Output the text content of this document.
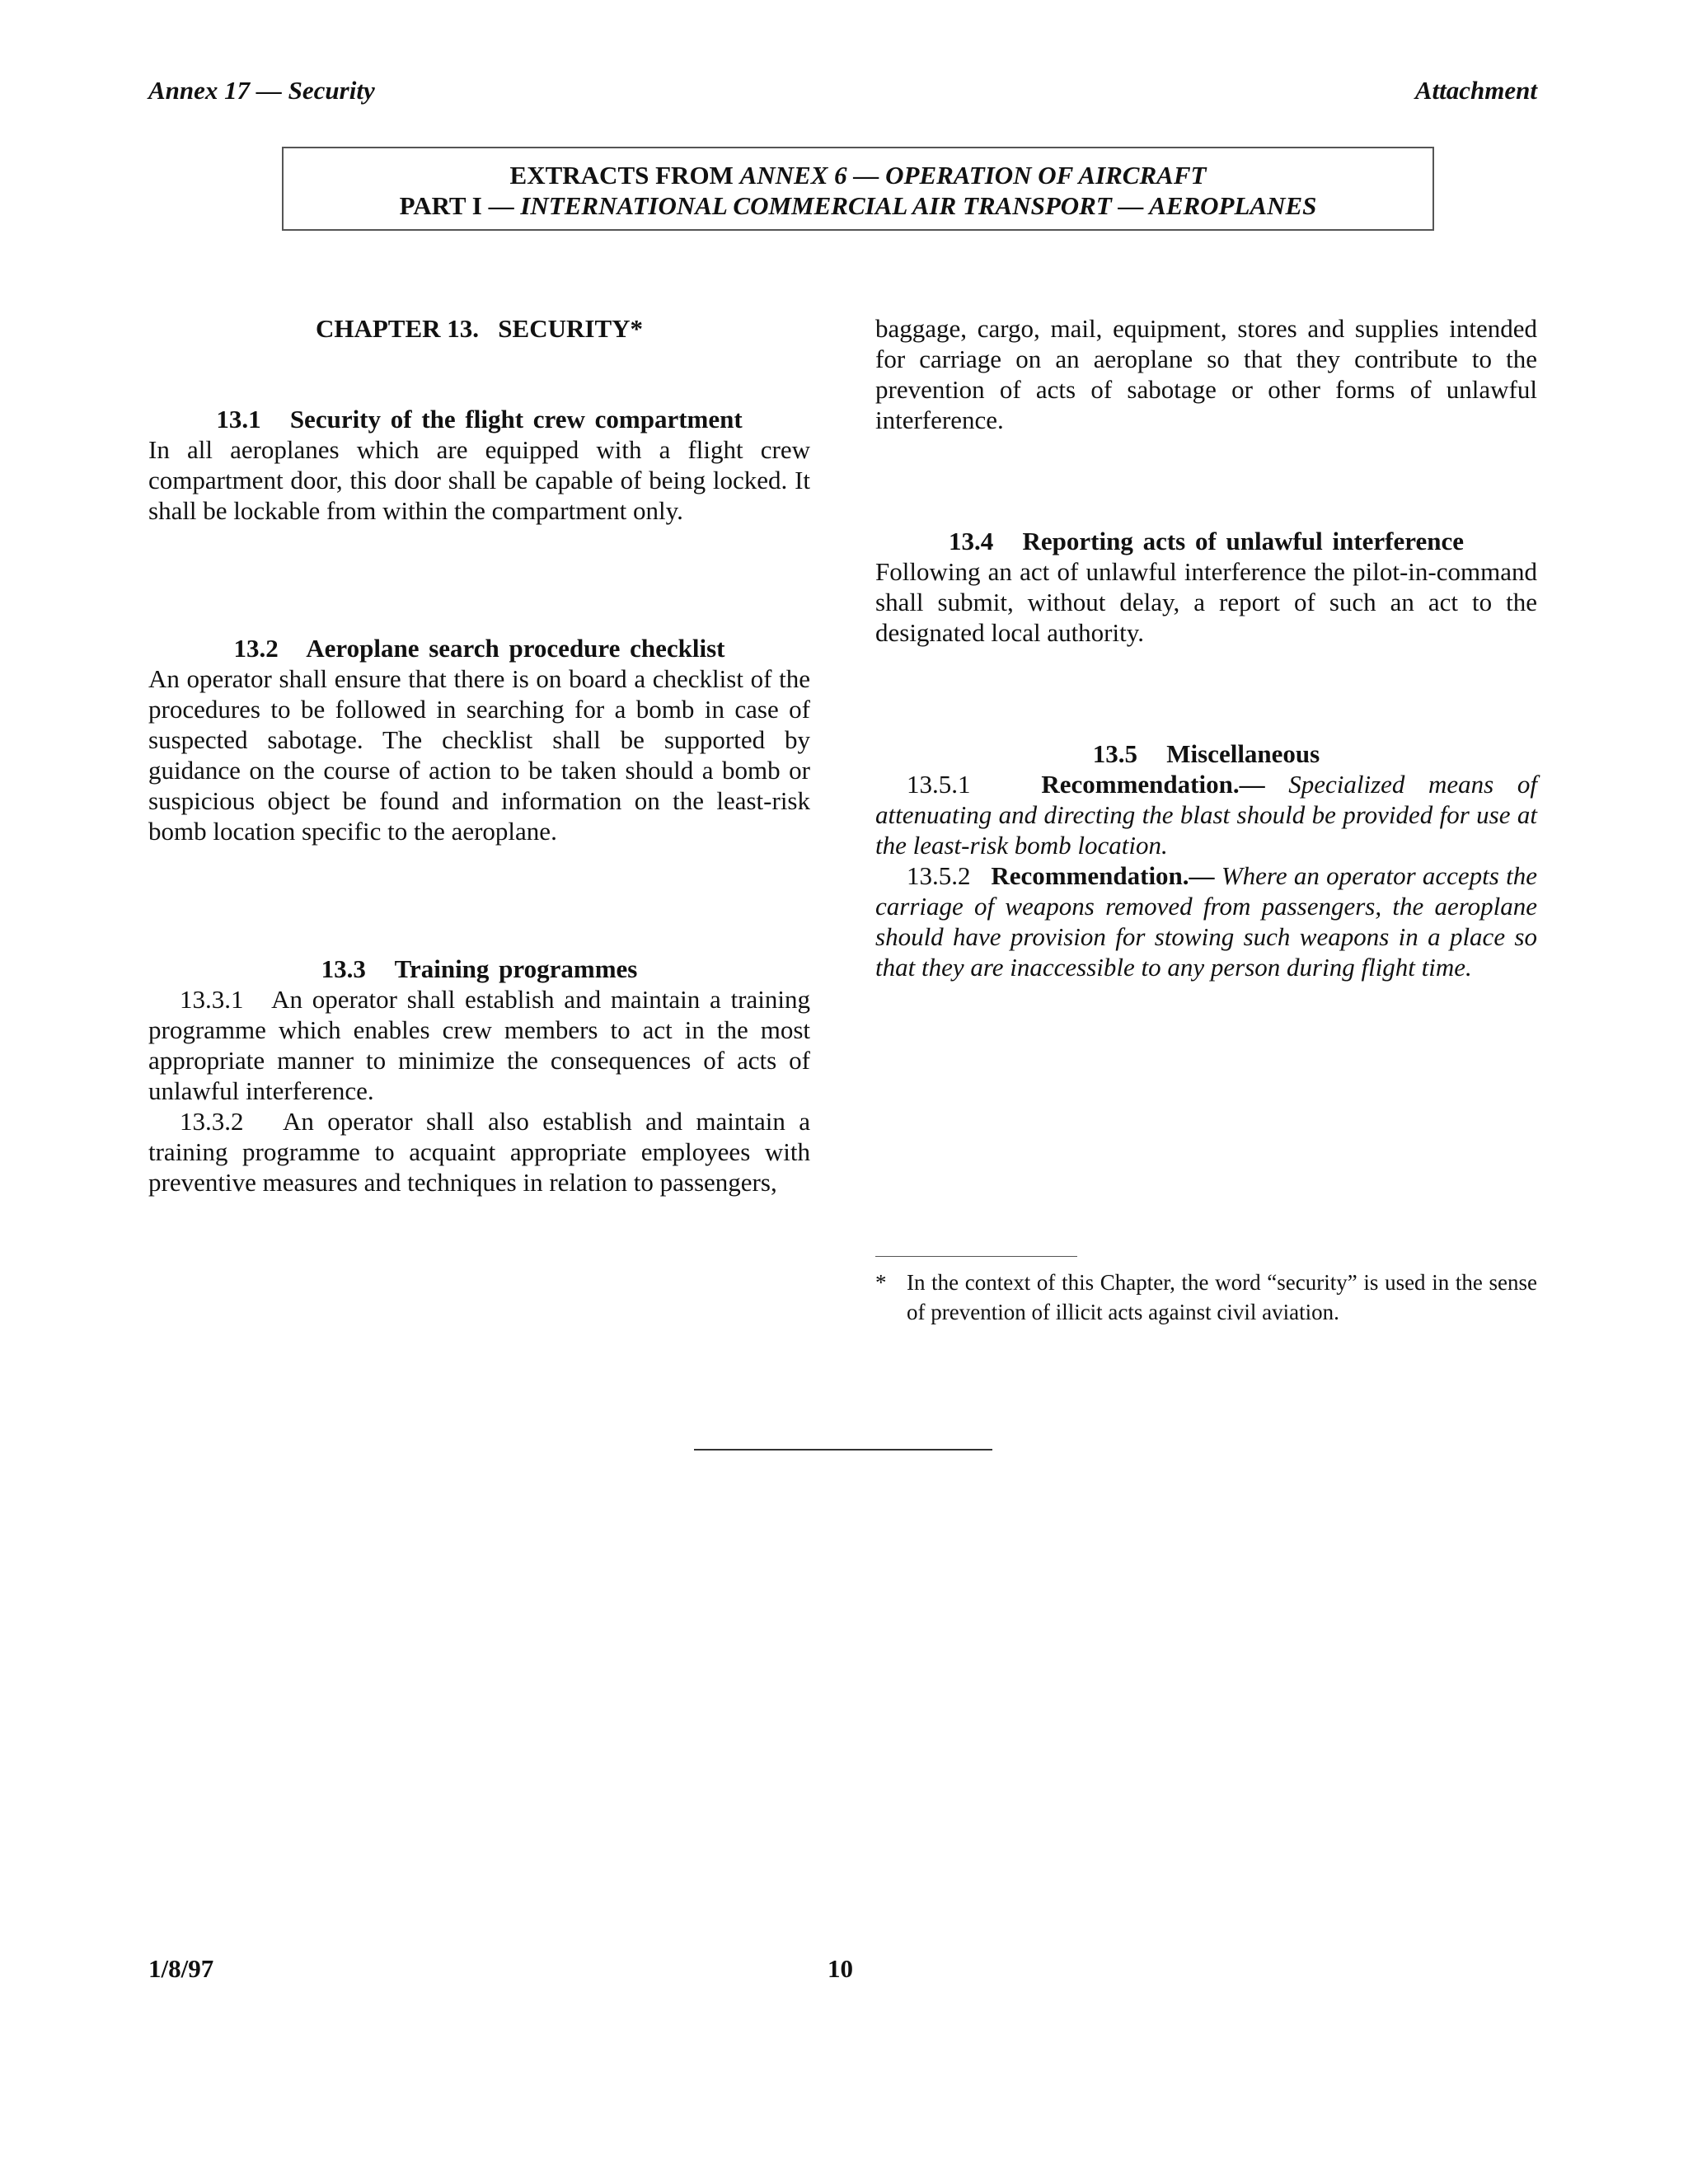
Annex 17 — Security	Attachment
EXTRACTS FROM ANNEX 6 — OPERATION OF AIRCRAFT
PART I — INTERNATIONAL COMMERCIAL AIR TRANSPORT — AEROPLANES

CHAPTER 13.   SECURITY*

13.1   Security of the flight crew compartment

In all aeroplanes which are equipped with a flight crew compartment door, this door shall be capable of being locked. It shall be lockable from within the compartment only.

13.2   Aeroplane search procedure checklist

An operator shall ensure that there is on board a checklist of the procedures to be followed in searching for a bomb in case of suspected sabotage. The checklist shall be supported by guidance on the course of action to be taken should a bomb or suspicious object be found and information on the least-risk bomb location specific to the aeroplane.

13.3   Training programmes

13.3.1   An operator shall establish and maintain a training programme which enables crew members to act in the most appropriate manner to minimize the consequences of acts of unlawful interference.

13.3.2   An operator shall also establish and maintain a training programme to acquaint appropriate employees with preventive measures and techniques in relation to passengers,

baggage, cargo, mail, equipment, stores and supplies intended for carriage on an aeroplane so that they contribute to the prevention of acts of sabotage or other forms of unlawful interference.

13.4   Reporting acts of unlawful interference

Following an act of unlawful interference the pilot-in-command shall submit, without delay, a report of such an act to the designated local authority.

13.5   Miscellaneous

13.5.1   Recommendation.— Specialized means of attenuating and directing the blast should be provided for use at the least-risk bomb location.

13.5.2   Recommendation.— Where an operator accepts the carriage of weapons removed from passengers, the aeroplane should have provision for stowing such weapons in a place so that they are inaccessible to any person during flight time.

* In the context of this Chapter, the word “security” is used in the sense of prevention of illicit acts against civil aviation.
1/8/97	10
